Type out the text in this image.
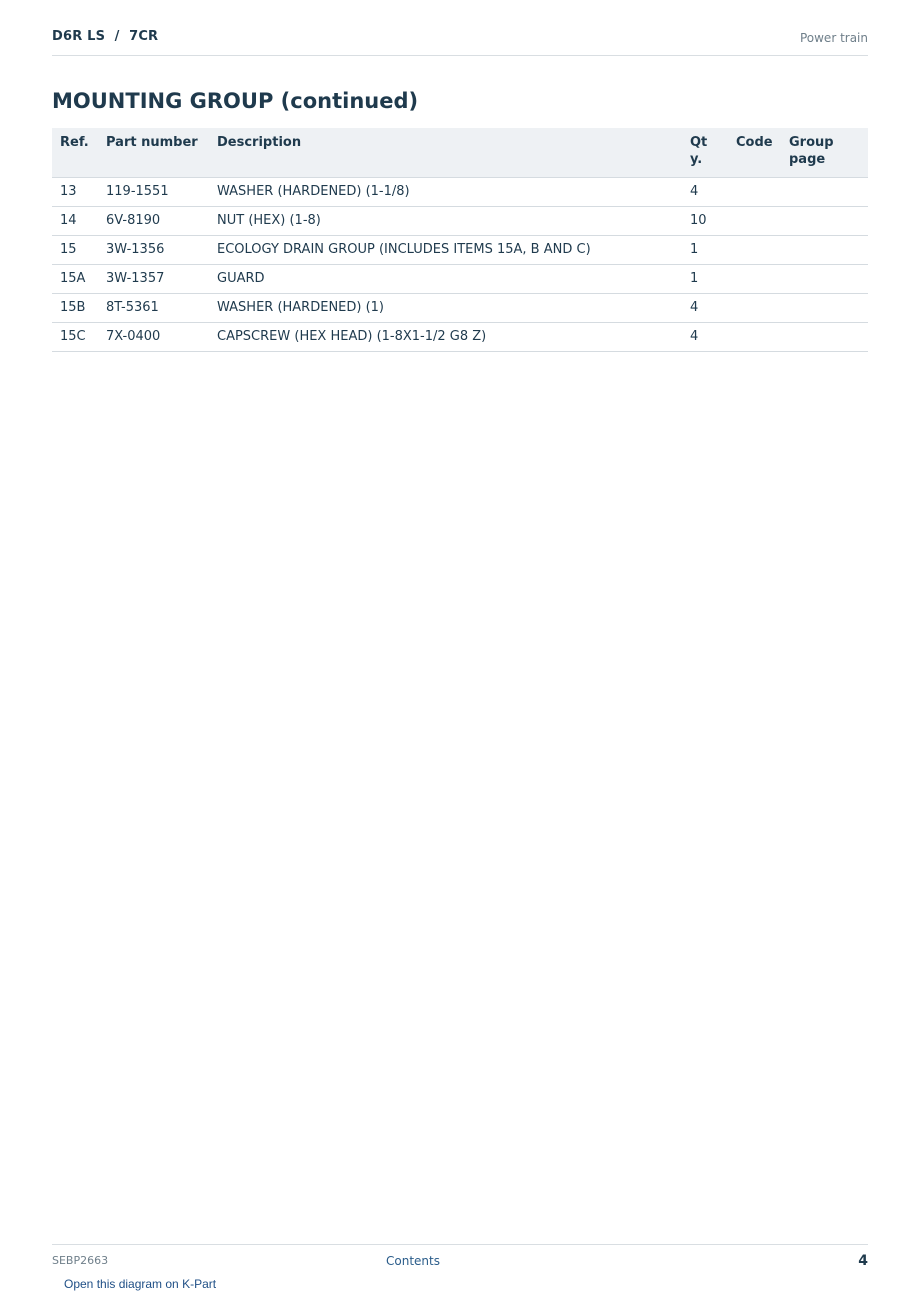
D6R LS  /  7CR	Power train
MOUNTING GROUP (continued)
Ref.	Part number	Description	Qty.	Code	Group page
13	119-1551	WASHER (HARDENED) (1-1/8)	4		
14	6V-8190	NUT (HEX) (1-8)	10		
15	3W-1356	ECOLOGY DRAIN GROUP (INCLUDES ITEMS 15A, B AND C)	1		
15A	3W-1357	GUARD	1		
15B	8T-5361	WASHER (HARDENED) (1)	4		
15C	7X-0400	CAPSCREW (HEX HEAD) (1-8X1-1/2 G8 Z)	4		
SEBP2663	Contents	4
Open this diagram on K-Part
